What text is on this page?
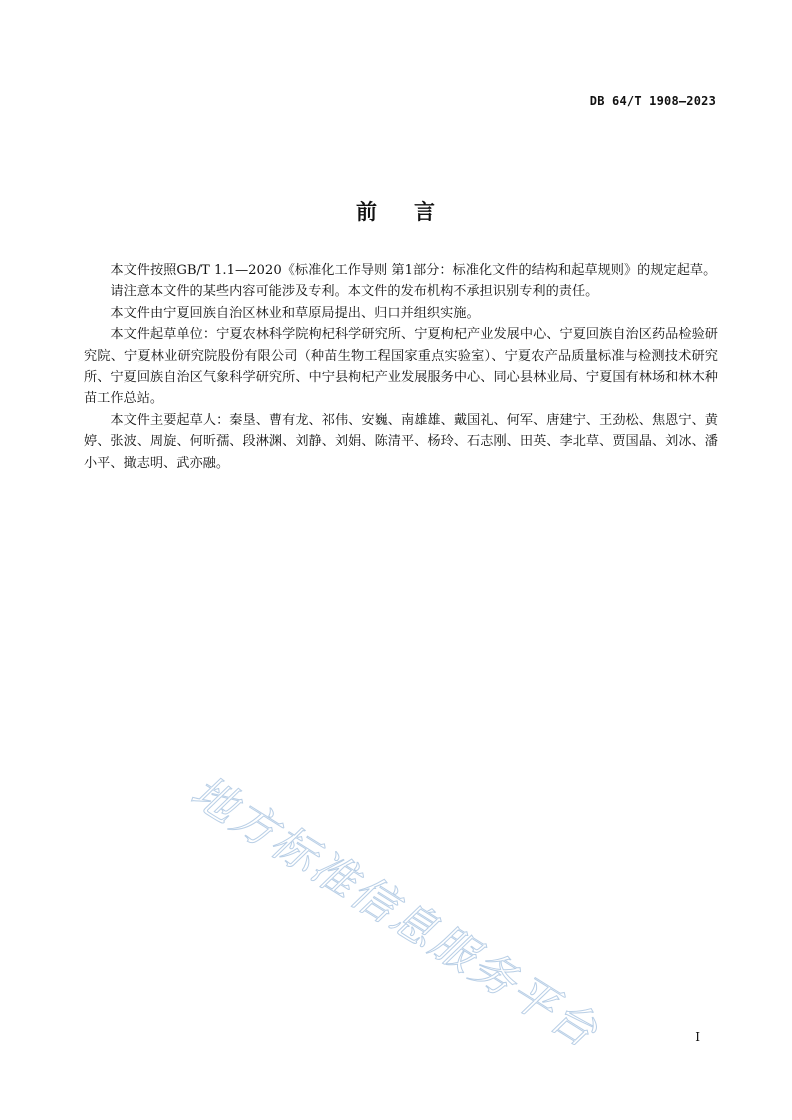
DB 64/T 1908—2023
前 言

本文件按照GB/T 1.1—2020《标准化工作导则 第1部分：标准化文件的结构和起草规则》的规定起草。

请注意本文件的某些内容可能涉及专利。本文件的发布机构不承担识别专利的责任。

本文件由宁夏回族自治区林业和草原局提出、归口并组织实施。

本文件起草单位：宁夏农林科学院枸杞科学研究所、宁夏枸杞产业发展中心、宁夏回族自治区药品检验研究院、宁夏林业研究院股份有限公司（种苗生物工程国家重点实验室）、宁夏农产品质量标准与检测技术研究所、宁夏回族自治区气象科学研究所、中宁县枸杞产业发展服务中心、同心县林业局、宁夏国有林场和林木种苗工作总站。

本文件主要起草人：秦垦、曹有龙、祁伟、安巍、南雄雄、戴国礼、何军、唐建宁、王劲松、焦恩宁、黄婷、张波、周旋、何昕孺、段淋渊、刘静、刘娟、陈清平、杨玲、石志刚、田英、李北草、贾国晶、刘冰、潘小平、撖志明、武亦融。

地方标准信息服务平台	I
